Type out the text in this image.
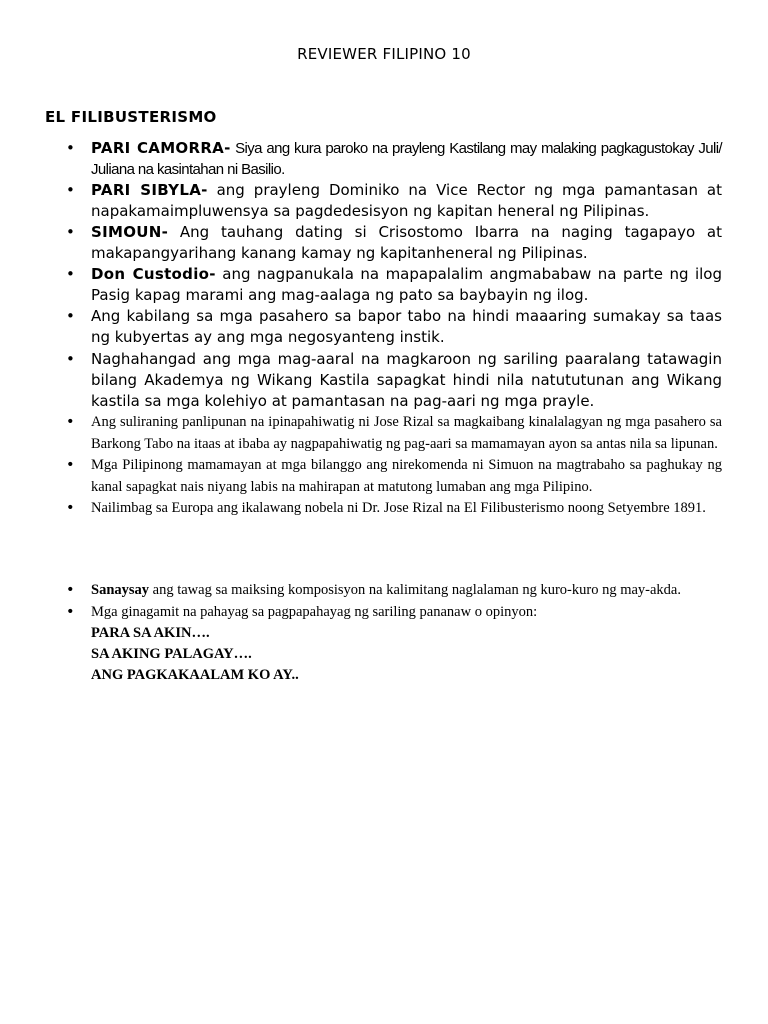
REVIEWER FILIPINO 10
EL FILIBUSTERISMO
• PARI CAMORRA- Siya ang kura paroko na prayleng Kastilang may malaking pagkagustokay Juli/ Juliana na kasintahan ni Basilio.
• PARI SIBYLA- ang prayleng Dominiko na Vice Rector ng mga pamantasan at napakamaimpluwensya sa pagdedesisyon ng kapitan heneral ng Pilipinas.
• SIMOUN- Ang tauhang dating si Crisostomo Ibarra na naging tagapayo at makapangyarihang kanang kamay ng kapitanheneral ng Pilipinas.
• Don Custodio- ang nagpanukala na mapapalalim angmababaw na parte ng ilog Pasig kapag marami ang mag-aalaga ng pato sa baybayin ng ilog.
• Ang kabilang sa mga pasahero sa bapor tabo na hindi maaaring sumakay sa taas ng kubyertas ay ang mga negosyanteng instik.
• Naghahangad ang mga mag-aaral na magkaroon ng sariling paaralang tatawagin bilang Akademya ng Wikang Kastila sapagkat hindi nila natututunan ang Wikang kastila sa mga kolehiyo at pamantasan na pag-aari ng mga prayle.
• Ang suliraning panlipunan na ipinapahiwatig ni Jose Rizal sa magkaibang kinalalagyan ng mga pasahero sa Barkong Tabo na itaas at ibaba ay nagpapahiwatig ng pag-aari sa mamamayan ayon sa antas nila sa lipunan.
• Mga Pilipinong mamamayan at mga bilanggo ang nirekomenda ni Simuon na magtrabaho sa paghukay ng kanal sapagkat nais niyang labis na mahirapan at matutong lumaban ang mga Pilipino.
• Nailimbag sa Europa ang ikalawang nobela ni Dr. Jose Rizal na El Filibusterismo noong Setyembre 1891.
• Sanaysay ang tawag sa maiksing komposisyon na kalimitang naglalaman ng kuro-kuro ng may-akda.
• Mga ginagamit na pahayag sa pagpapahayag ng sariling pananaw o opinyon:
PARA SA AKIN….
SA AKING PALAGAY….
ANG PAGKAKAALAM KO AY..
